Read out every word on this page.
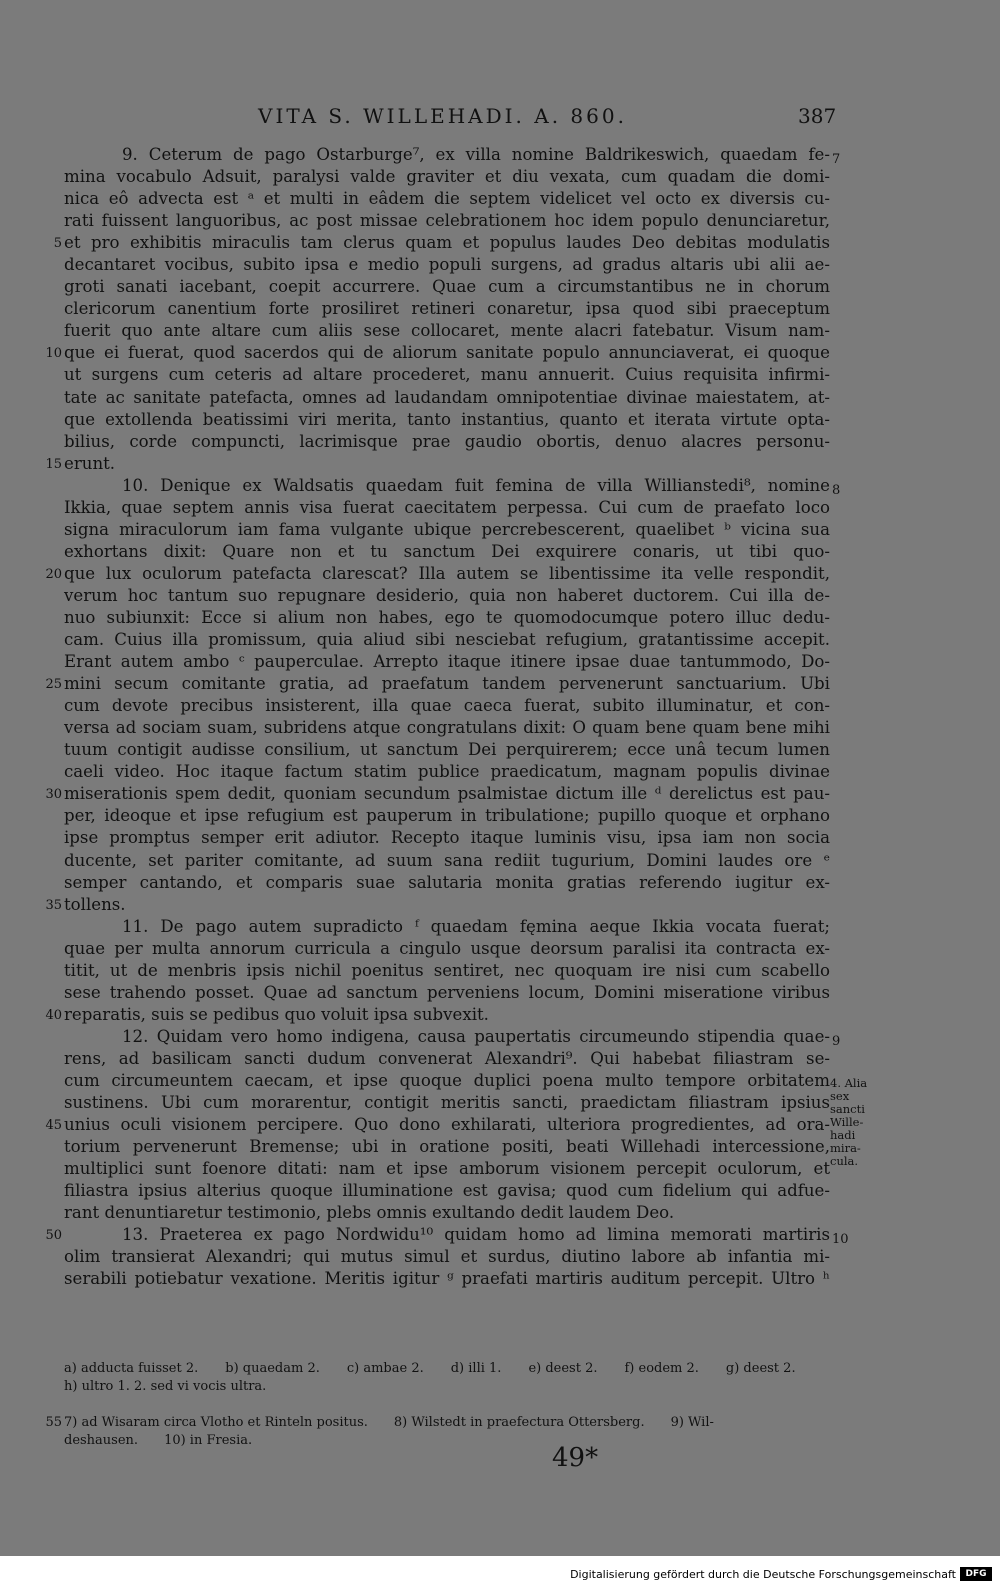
VITA S. WILLEHADI. A. 860.	387
9. Ceterum de pago Ostarburge⁷, ex villa nomine Baldrikeswich, quaedam fe-
mina vocabulo Adsuit, paralysi valde graviter et diu vexata, cum quadam die domi-
nica eô advecta est ᵃ et multi in eâdem die septem videlicet vel octo ex diversis cu-
rati fuissent languoribus, ac post missae celebrationem hoc idem populo denunciaretur,
et pro exhibitis miraculis tam clerus quam et populus laudes Deo debitas modulatis
decantaret vocibus, subito ipsa e medio populi surgens, ad gradus altaris ubi alii ae-
groti sanati iacebant, coepit accurrere. Quae cum a circumstantibus ne in chorum
clericorum canentium forte prosiliret retineri conaretur, ipsa quod sibi praeceptum
fuerit quo ante altare cum aliis sese collocaret, mente alacri fatebatur. Visum nam-
que ei fuerat, quod sacerdos qui de aliorum sanitate populo annunciaverat, ei quoque
ut surgens cum ceteris ad altare procederet, manu annuerit. Cuius requisita infirmi-
tate ac sanitate patefacta, omnes ad laudandam omnipotentiae divinae maiestatem, at-
que extollenda beatissimi viri merita, tanto instantius, quanto et iterata virtute opta-
bilius, corde compuncti, lacrimisque prae gaudio obortis, denuo alacres personu-
erunt.
10. Denique ex Waldsatis quaedam fuit femina de villa Willianstedi⁸, nomine
Ikkia, quae septem annis visa fuerat caecitatem perpessa. Cui cum de praefato loco
signa miraculorum iam fama vulgante ubique percrebescerent, quaelibet ᵇ vicina sua
exhortans dixit: Quare non et tu sanctum Dei exquirere conaris, ut tibi quo-
que lux oculorum patefacta clarescat? Illa autem se libentissime ita velle respondit,
verum hoc tantum suo repugnare desiderio, quia non haberet ductorem. Cui illa de-
nuo subiunxit: Ecce si alium non habes, ego te quomodocumque potero illuc dedu-
cam. Cuius illa promissum, quia aliud sibi nesciebat refugium, gratantissime accepit.
Erant autem ambo ᶜ pauperculae. Arrepto itaque itinere ipsae duae tantummodo, Do-
mini secum comitante gratia, ad praefatum tandem pervenerunt sanctuarium. Ubi
cum devote precibus insisterent, illa quae caeca fuerat, subito illuminatur, et con-
versa ad sociam suam, subridens atque congratulans dixit: O quam bene quam bene mihi
tuum contigit audisse consilium, ut sanctum Dei perquirerem; ecce unâ tecum lumen
caeli video. Hoc itaque factum statim publice praedicatum, magnam populis divinae
miserationis spem dedit, quoniam secundum psalmistae dictum ille ᵈ derelictus est pau-
per, ideoque et ipse refugium est pauperum in tribulatione; pupillo quoque et orphano
ipse promptus semper erit adiutor. Recepto itaque luminis visu, ipsa iam non socia
ducente, set pariter comitante, ad suum sana rediit tugurium, Domini laudes ore ᵉ
semper cantando, et comparis suae salutaria monita gratias referendo iugitur ex-
tollens.
11. De pago autem supradicto ᶠ quaedam fęmina aeque Ikkia vocata fuerat;
quae per multa annorum curricula a cingulo usque deorsum paralisi ita contracta ex-
titit, ut de menbris ipsis nichil poenitus sentiret, nec quoquam ire nisi cum scabello
sese trahendo posset. Quae ad sanctum perveniens locum, Domini miseratione viribus
reparatis, suis se pedibus quo voluit ipsa subvexit.
12. Quidam vero homo indigena, causa paupertatis circumeundo stipendia quae-
rens, ad basilicam sancti dudum convenerat Alexandri⁹. Qui habebat filiastram se-
cum circumeuntem caecam, et ipse quoque duplici poena multo tempore orbitatem
sustinens. Ubi cum morarentur, contigit meritis sancti, praedictam filiastram ipsius
unius oculi visionem percipere. Quo dono exhilarati, ulteriora progredientes, ad ora-
torium pervenerunt Bremense; ubi in oratione positi, beati Willehadi intercessione,
multiplici sunt foenore ditati: nam et ipse amborum visionem percepit oculorum, et
filiastra ipsius alterius quoque illuminatione est gavisa; quod cum fidelium qui adfue-
rant denuntiaretur testimonio, plebs omnis exultando dedit laudem Deo.
13. Praeterea ex pago Nordwidu¹⁰ quidam homo ad limina memorati martiris
olim transierat Alexandri; qui mutus simul et surdus, diutino labore ab infantia mi-
serabili potiebatur vexatione. Meritis igitur ᵍ praefati martiris auditum percepit. Ultro ʰ
5
10
15
20
25
30
35
40
45
50
7
8
9
10
4. Alia
sex
sancti
Wille-
hadi
mira-
cula.
a) adducta fuisset 2. b) quaedam 2. c) ambae 2. d) illi 1. e) deest 2. f) eodem 2. g) deest 2.
h) ultro 1. 2. sed vi vocis ultra.
55 7) ad Wisaram circa Vlotho et Rinteln positus. 8) Wilstedt in praefectura Ottersberg. 9) Wil-
deshausen. 10) in Fresia.
49*
Digitalisierung gefördert durch die Deutsche Forschungsgemeinschaft	DFG
